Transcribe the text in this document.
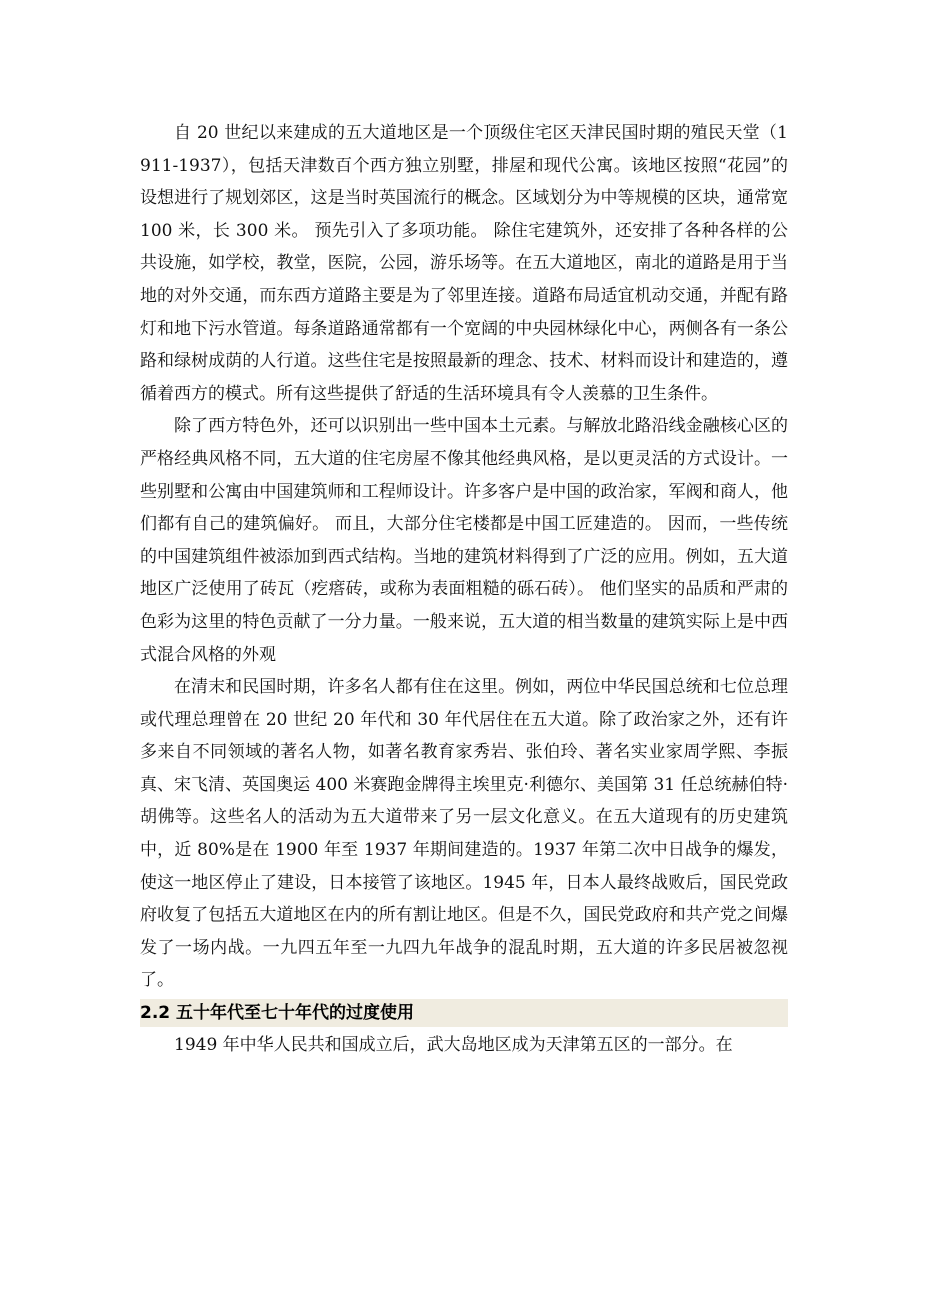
自 20 世纪以来建成的五大道地区是一个顶级住宅区天津民国时期的殖民天堂（1911-1937），包括天津数百个西方独立别墅，排屋和现代公寓。该地区按照“花园”的设想进行了规划郊区，这是当时英国流行的概念。区域划分为中等规模的区块，通常宽 100 米，长 300 米。 预先引入了多项功能。 除住宅建筑外，还安排了各种各样的公共设施，如学校，教堂，医院，公园，游乐场等。在五大道地区，南北的道路是用于当地的对外交通，而东西方道路主要是为了邻里连接。道路布局适宜机动交通，并配有路灯和地下污水管道。每条道路通常都有一个宽阔的中央园林绿化中心，两侧各有一条公路和绿树成荫的人行道。这些住宅是按照最新的理念、技术、材料而设计和建造的，遵循着西方的模式。所有这些提供了舒适的生活环境具有令人羡慕的卫生条件。

除了西方特色外，还可以识别出一些中国本土元素。与解放北路沿线金融核心区的严格经典风格不同，五大道的住宅房屋不像其他经典风格，是以更灵活的方式设计。一些别墅和公寓由中国建筑师和工程师设计。许多客户是中国的政治家，军阀和商人，他们都有自己的建筑偏好。 而且，大部分住宅楼都是中国工匠建造的。 因而，一些传统的中国建筑组件被添加到西式结构。当地的建筑材料得到了广泛的应用。例如，五大道地区广泛使用了砖瓦（疙瘩砖，或称为表面粗糙的砾石砖）。 他们坚实的品质和严肃的色彩为这里的特色贡献了一分力量。一般来说，五大道的相当数量的建筑实际上是中西式混合风格的外观

在清末和民国时期，许多名人都有住在这里。例如，两位中华民国总统和七位总理或代理总理曾在 20 世纪 20 年代和 30 年代居住在五大道。除了政治家之外，还有许多来自不同领域的著名人物，如著名教育家秀岩、张伯玲、著名实业家周学熙、李振真、宋飞清、英国奥运 400 米赛跑金牌得主埃里克·利德尔、美国第 31 任总统赫伯特·胡佛等。这些名人的活动为五大道带来了另一层文化意义。在五大道现有的历史建筑中，近 80%是在 1900 年至 1937 年期间建造的。1937 年第二次中日战争的爆发，使这一地区停止了建设，日本接管了该地区。1945 年，日本人最终战败后，国民党政府收复了包括五大道地区在内的所有割让地区。但是不久，国民党政府和共产党之间爆发了一场内战。一九四五年至一九四九年战争的混乱时期，五大道的许多民居被忽视了。

2.2 五十年代至七十年代的过度使用

1949 年中华人民共和国成立后，武大岛地区成为天津第五区的一部分。在
